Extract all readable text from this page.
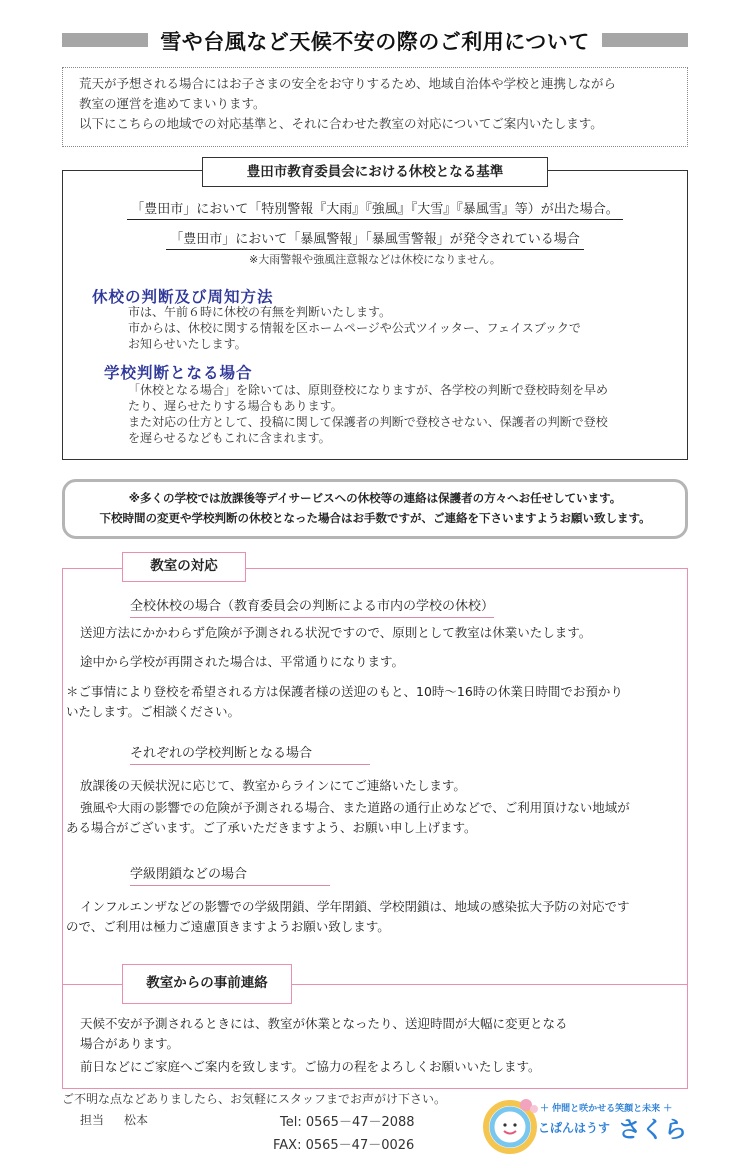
雪や台風など天候不安の際のご利用について

荒天が予想される場合にはお子さまの安全をお守りするため、地域自治体や学校と連携しながら

教室の運営を進めてまいります。

以下にこちらの地域での対応基準と、それに合わせた教室の対応についてご案内いたします。

豊田市教育委員会における休校となる基準
「豊田市」において「特別警報『大雨』『強風』『大雪』『暴風雪』等）が出た場合。
「豊田市」において「暴風警報」「暴風雪警報」が発令されている場合
※大雨警報や強風注意報などは休校になりません。
休校の判断及び周知方法

市は、午前６時に休校の有無を判断いたします。

市からは、休校に関する情報を区ホームページや公式ツイッター、フェイスブックで

お知らせいたします。

学校判断となる場合

「休校となる場合」を除いては、原則登校になりますが、各学校の判断で登校時刻を早め

たり、遅らせたりする場合もあります。

また対応の仕方として、投稿に関して保護者の判断で登校させない、保護者の判断で登校

を遅らせるなどもこれに含まれます。

※多くの学校では放課後等デイサービスへの休校等の連絡は保護者の方々へお任せしています。

下校時間の変更や学校判断の休校となった場合はお手数ですが、ご連絡を下さいますようお願い致します。

教室の対応
全校休校の場合（教育委員会の判断による市内の学校の休校）

送迎方法にかかわらず危険が予測される状況ですので、原則として教室は休業いたします。

途中から学校が再開された場合は、平常通りになります。

＊ご事情により登校を希望される方は保護者様の送迎のもと、10時～16時の休業日時間でお預かり

いたします。ご相談ください。

それぞれの学校判断となる場合

放課後の天候状況に応じて、教室からラインにてご連絡いたします。

強風や大雨の影響での危険が予測される場合、また道路の通行止めなどで、ご利用頂けない地域が

ある場合がございます。ご了承いただきますよう、お願い申し上げます。

学級閉鎖などの場合

インフルエンザなどの影響での学級閉鎖、学年閉鎖、学校閉鎖は、地域の感染拡大予防の対応です

ので、ご利用は極力ご遠慮頂きますようお願い致します。

教室からの事前連絡

天候不安が予測されるときには、教室が休業となったり、送迎時間が大幅に変更となる

場合があります。

前日などにご家庭へご案内を致します。ご協力の程をよろしくお願いいたします。

ご不明な点などありましたら、お気軽にスタッフまでお声がけ下さい。
担当 松本	Tel: 0565－47－2088
FAX: 0565－47－0026
＋ 仲間と咲かせる笑顔と未来 ＋
こぱんはうす さくら
